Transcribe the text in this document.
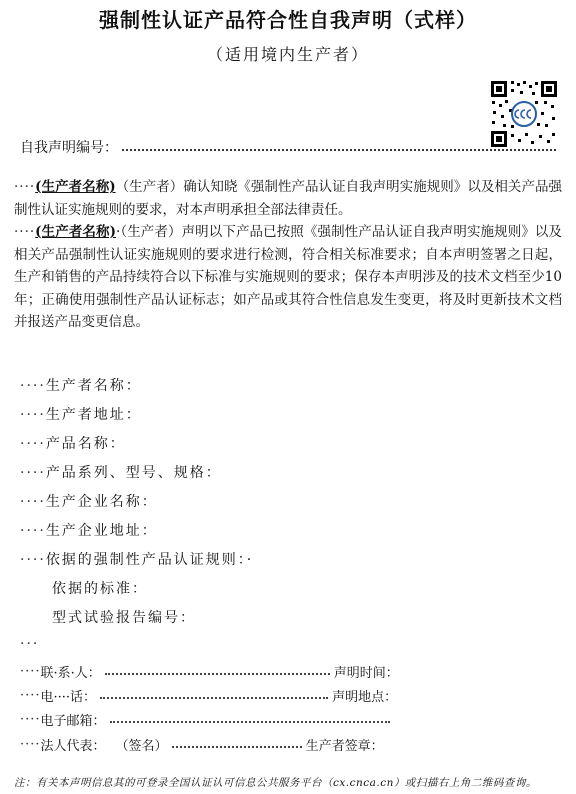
强制性认证产品符合性自我声明（式样）
（适用境内生产者）
自我声明编号：
····(生产者名称)（生产者）确认知晓《强制性产品认证自我声明实施规则》以及相关产品强制性认证实施规则的要求，对本声明承担全部法律责任。
····(生产者名称)·（生产者）声明以下产品已按照《强制性产品认证自我声明实施规则》以及相关产品强制性认证实施规则的要求进行检测，符合相关标准要求；自本声明签署之日起，生产和销售的产品持续符合以下标准与实施规则的要求；保存本声明涉及的技术文档至少10年；正确使用强制性产品认证标志；如产品或其符合性信息发生变更，将及时更新技术文档并报送产品变更信息。
····生产者名称：
····生产者地址：
····产品名称：
····产品系列、型号、规格：
····生产企业名称：
····生产企业地址：
····依据的强制性产品认证规则：·
依据的标准：
型式试验报告编号：
···
···· 联·系·人：	声明时间：
···· 电····话：	声明地点：
···· 电子邮箱：
···· 法人代表： （签名）	生产者签章：
注：有关本声明信息其的可登录全国认证认可信息公共服务平台（cx.cnca.cn）或扫描右上角二维码查询。
